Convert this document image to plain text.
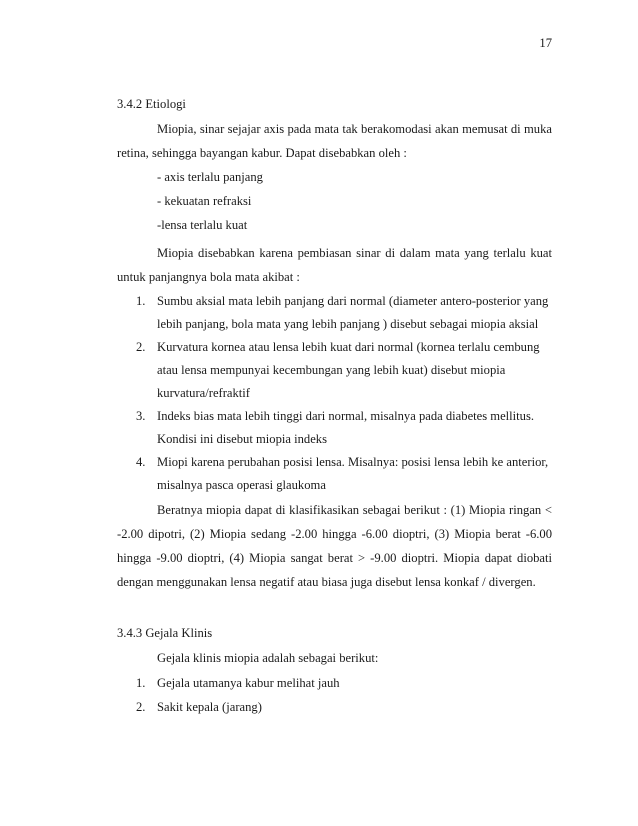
17
3.4.2 Etiologi
Miopia, sinar sejajar axis pada mata tak berakomodasi akan memusat di muka
retina, sehingga bayangan kabur. Dapat disebabkan oleh :
- axis terlalu panjang
- kekuatan refraksi
-lensa terlalu kuat
Miopia disebabkan karena pembiasan sinar di dalam mata yang terlalu kuat
untuk panjangnya bola mata akibat :
1. Sumbu aksial mata lebih panjang dari normal (diameter antero-posterior yang
lebih panjang, bola mata yang lebih panjang ) disebut sebagai miopia aksial
2. Kurvatura kornea atau lensa lebih kuat dari normal (kornea terlalu cembung
atau lensa mempunyai kecembungan yang lebih kuat) disebut miopia
kurvatura/refraktif
3. Indeks bias mata lebih tinggi dari normal, misalnya pada diabetes mellitus.
Kondisi ini disebut miopia indeks
4. Miopi karena perubahan posisi lensa. Misalnya: posisi lensa lebih ke anterior,
misalnya pasca operasi glaukoma
Beratnya miopia dapat di klasifikasikan sebagai berikut : (1) Miopia ringan <
-2.00 dipotri, (2) Miopia sedang -2.00 hingga -6.00 dioptri, (3) Miopia berat -6.00
hingga -9.00 dioptri, (4) Miopia sangat berat > -9.00 dioptri. Miopia dapat diobati
dengan menggunakan lensa negatif atau biasa juga disebut lensa konkaf / divergen.
3.4.3 Gejala Klinis
Gejala klinis miopia adalah sebagai berikut:
1. Gejala utamanya kabur melihat jauh
2. Sakit kepala (jarang)
